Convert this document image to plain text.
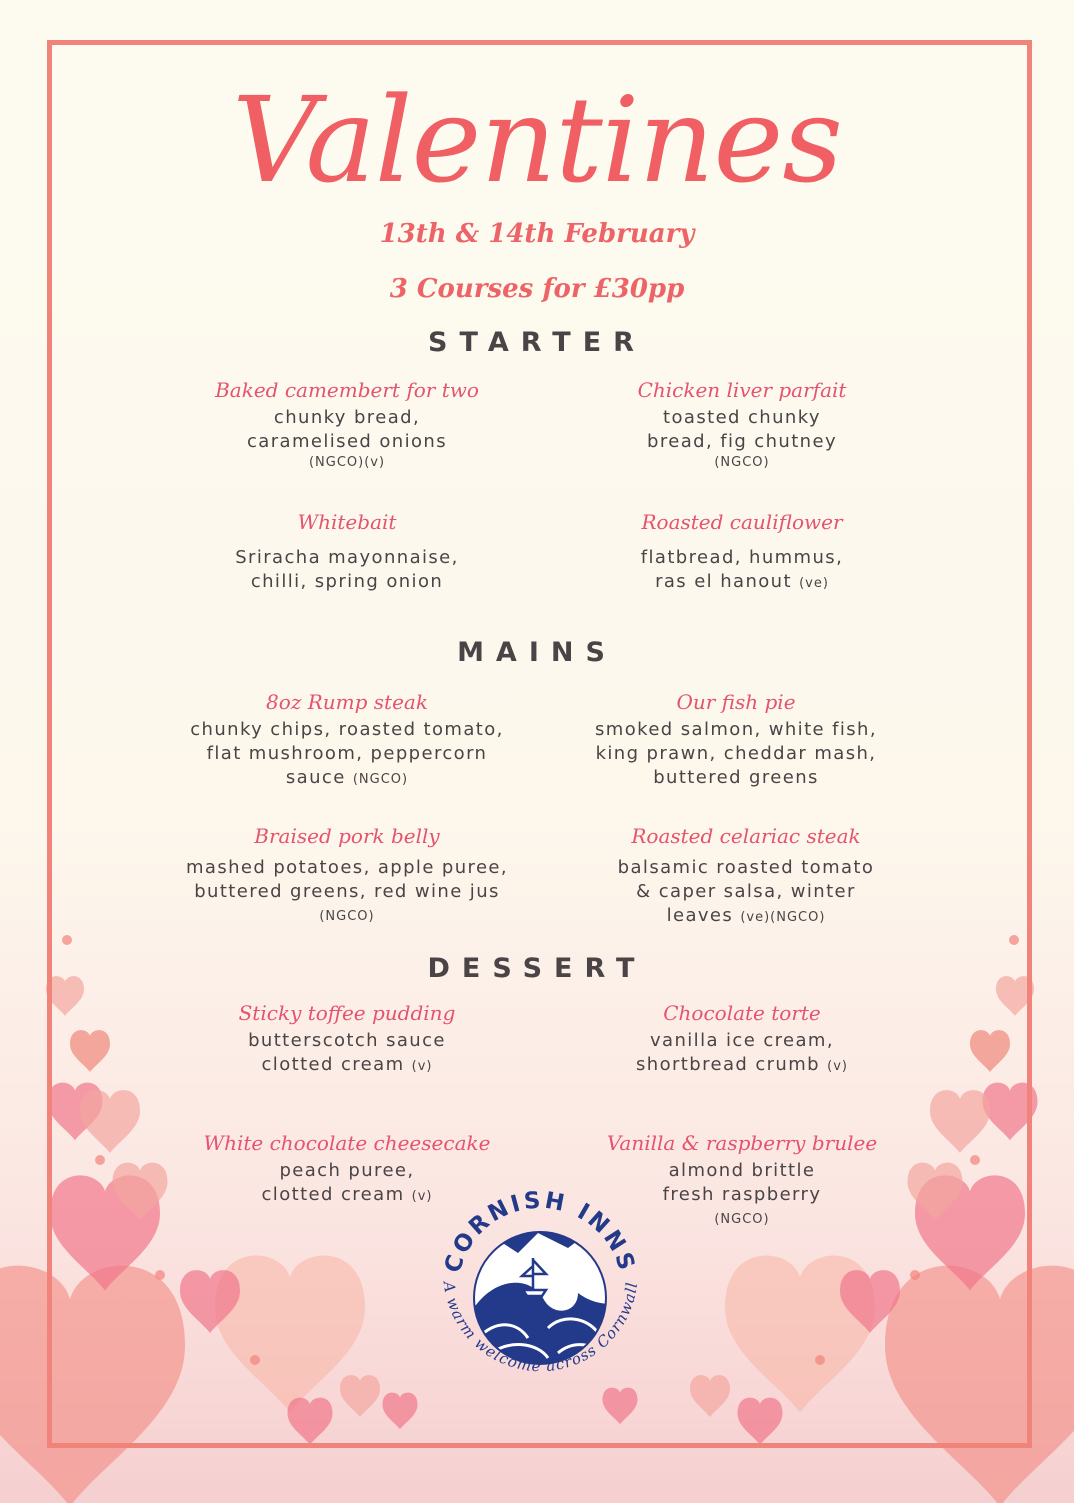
Valentines
13th & 14th February
3 Courses for £30pp
STARTER
Baked camembert for two
chunky bread,
caramelised onions
(NGCO)(v)
Chicken liver parfait
toasted chunky
bread, fig chutney
(NGCO)
Whitebait
Sriracha mayonnaise,
chilli, spring onion
Roasted cauliflower
flatbread, hummus,
ras el hanout (ve)
MAINS
8oz Rump steak
chunky chips, roasted tomato,
flat mushroom, peppercorn
sauce (NGCO)
Our fish pie
smoked salmon, white fish,
king prawn, cheddar mash,
buttered greens
Braised pork belly
mashed potatoes, apple puree,
buttered greens, red wine jus
(NGCO)
Roasted celariac steak
balsamic roasted tomato
& caper salsa, winter
leaves (ve)(NGCO)
DESSERT
Sticky toffee pudding
butterscotch sauce
clotted cream (v)
Chocolate torte
vanilla ice cream,
shortbread crumb (v)
White chocolate cheesecake
peach puree,
clotted cream (v)
Vanilla & raspberry brulee
almond brittle
fresh raspberry
(NGCO)
CORNISH INNS
A warm welcome across Cornwall
